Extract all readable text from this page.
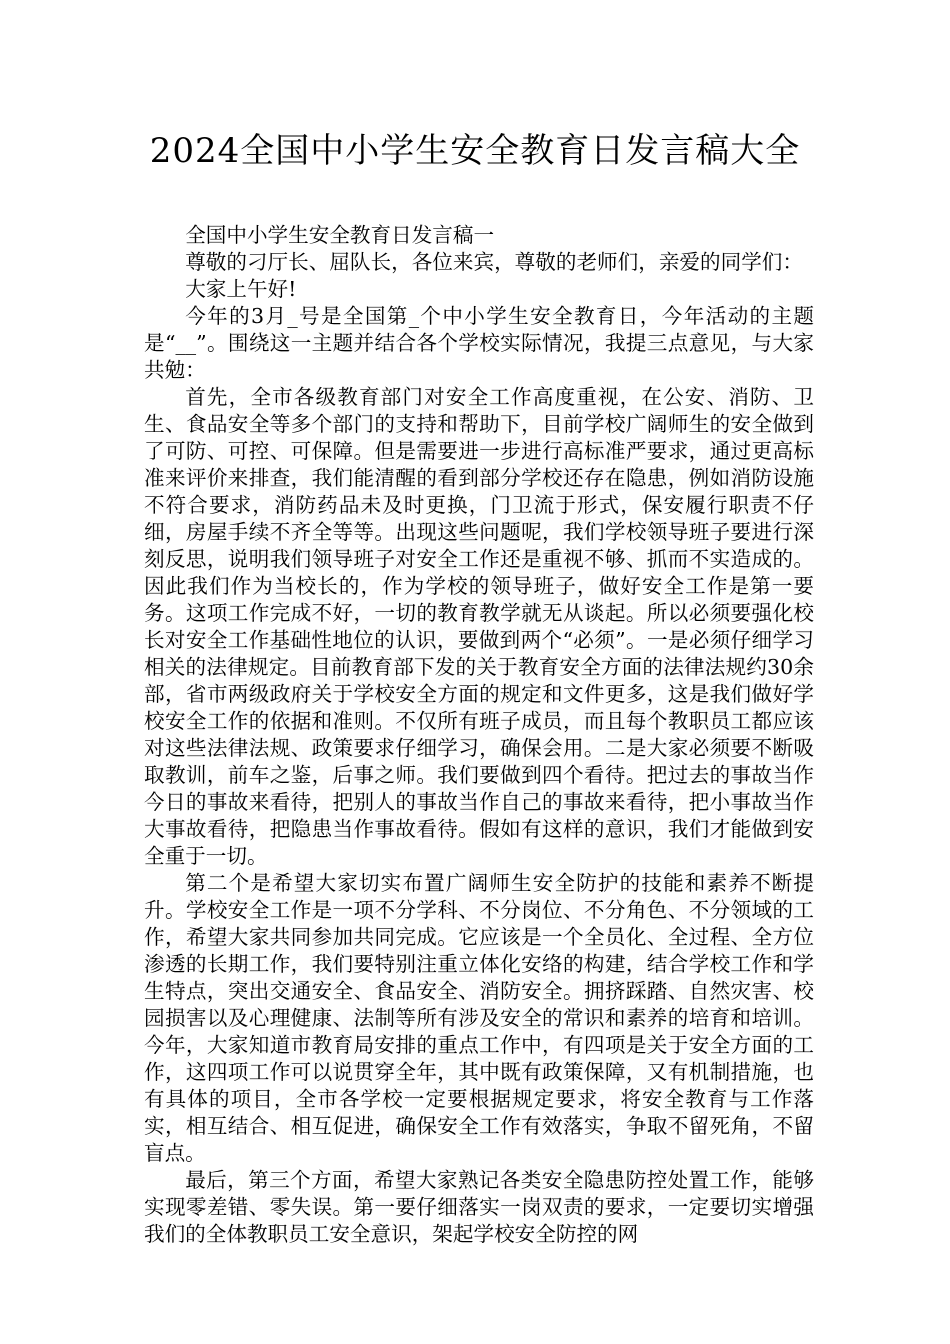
2024全国中小学生安全教育日发言稿大全

全国中小学生安全教育日发言稿一

尊敬的刁厅长、屈队长，各位来宾，尊敬的老师们，亲爱的同学们：

大家上午好!

今年的3月_号是全国第_个中小学生安全教育日，今年活动的主题是“__”。围绕这一主题并结合各个学校实际情况，我提三点意见，与大家共勉：

首先，全市各级教育部门对安全工作高度重视，在公安、消防、卫生、食品安全等多个部门的支持和帮助下，目前学校广阔师生的安全做到了可防、可控、可保障。但是需要进一步进行高标准严要求，通过更高标准来评价来排查，我们能清醒的看到部分学校还存在隐患，例如消防设施不符合要求，消防药品未及时更换，门卫流于形式，保安履行职责不仔细，房屋手续不齐全等等。出现这些问题呢，我们学校领导班子要进行深刻反思，说明我们领导班子对安全工作还是重视不够、抓而不实造成的。因此我们作为当校长的，作为学校的领导班子，做好安全工作是第一要务。这项工作完成不好，一切的教育教学就无从谈起。所以必须要强化校长对安全工作基础性地位的认识，要做到两个“必须”。一是必须仔细学习相关的法律规定。目前教育部下发的关于教育安全方面的法律法规约30余部，省市两级政府关于学校安全方面的规定和文件更多，这是我们做好学校安全工作的依据和准则。不仅所有班子成员，而且每个教职员工都应该对这些法律法规、政策要求仔细学习，确保会用。二是大家必须要不断吸取教训，前车之鉴，后事之师。我们要做到四个看待。把过去的事故当作今日的事故来看待，把别人的事故当作自己的事故来看待，把小事故当作大事故看待，把隐患当作事故看待。假如有这样的意识，我们才能做到安全重于一切。

第二个是希望大家切实布置广阔师生安全防护的技能和素养不断提升。学校安全工作是一项不分学科、不分岗位、不分角色、不分领域的工作，希望大家共同参加共同完成。它应该是一个全员化、全过程、全方位渗透的长期工作，我们要特别注重立体化安络的构建，结合学校工作和学生特点，突出交通安全、食品安全、消防安全。拥挤踩踏、自然灾害、校园损害以及心理健康、法制等所有涉及安全的常识和素养的培育和培训。今年，大家知道市教育局安排的重点工作中，有四项是关于安全方面的工作，这四项工作可以说贯穿全年，其中既有政策保障，又有机制措施，也有具体的项目，全市各学校一定要根据规定要求，将安全教育与工作落实，相互结合、相互促进，确保安全工作有效落实，争取不留死角，不留盲点。

最后，第三个方面，希望大家熟记各类安全隐患防控处置工作，能够实现零差错、零失误。第一要仔细落实一岗双责的要求，一定要切实增强我们的全体教职员工安全意识，架起学校安全防控的网
